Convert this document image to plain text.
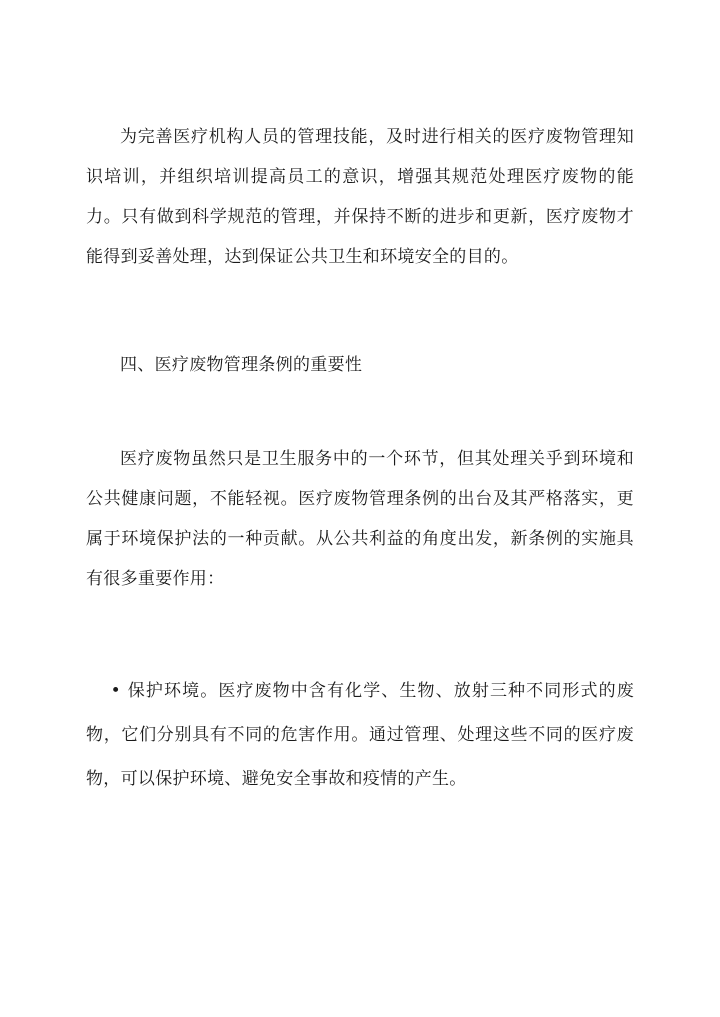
为完善医疗机构人员的管理技能，及时进行相关的医疗废物管理知识培训，并组织培训提高员工的意识，增强其规范处理医疗废物的能力。只有做到科学规范的管理，并保持不断的进步和更新，医疗废物才能得到妥善处理，达到保证公共卫生和环境安全的目的。

四、医疗废物管理条例的重要性

医疗废物虽然只是卫生服务中的一个环节，但其处理关乎到环境和公共健康问题，不能轻视。医疗废物管理条例的出台及其严格落实，更属于环境保护法的一种贡献。从公共利益的角度出发，新条例的实施具有很多重要作用：

• 保护环境。医疗废物中含有化学、生物、放射三种不同形式的废物，它们分别具有不同的危害作用。通过管理、处理这些不同的医疗废物，可以保护环境、避免安全事故和疫情的产生。
